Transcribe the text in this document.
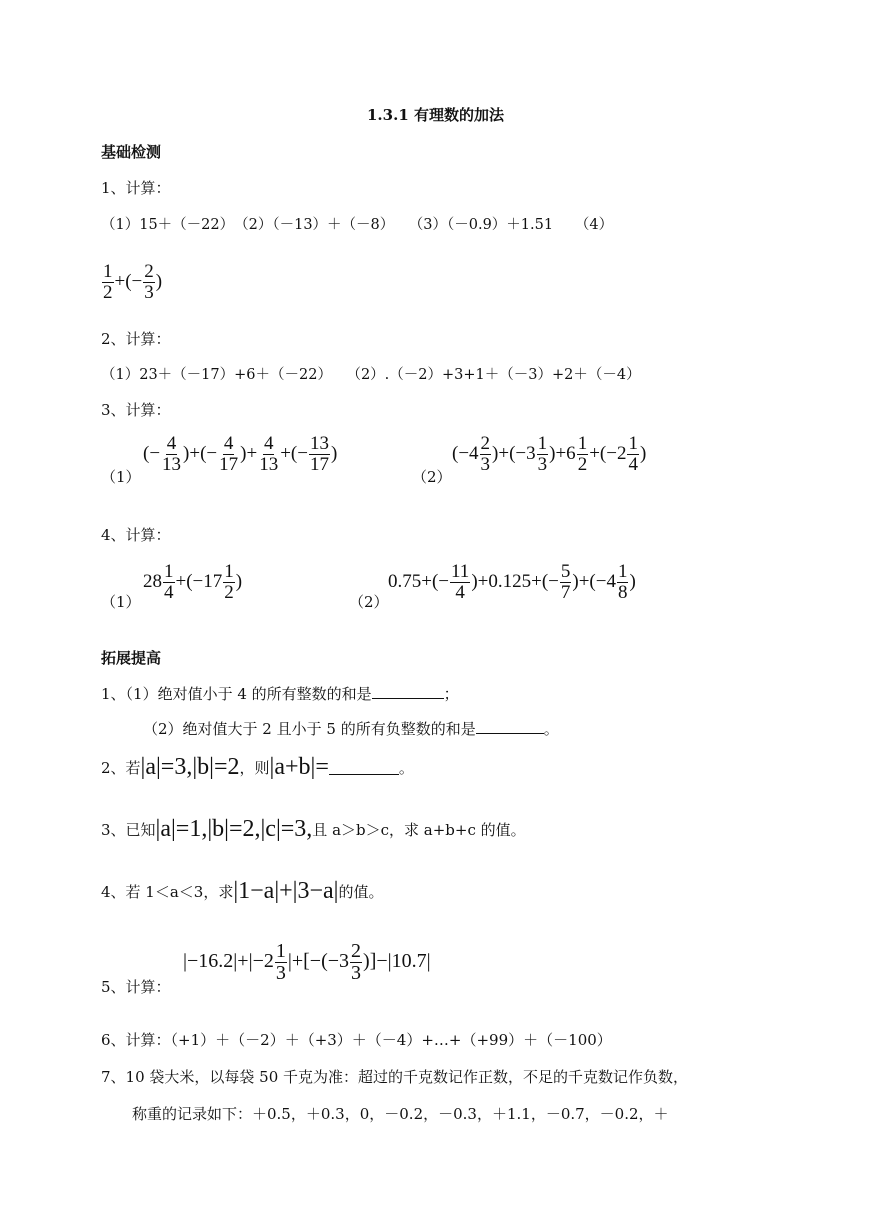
1.3.1 有理数的加法
基础检测
1、计算：
（1）15＋（－22）　（2）（－13）＋（－8）　　（3）（－0.9）＋1.51　　（4）
$\frac{1}{2}$ +(− $\frac{2}{3}$ )
2、计算：
（1）23＋（－17）+6＋（－22）　　（2）.（－2）+3+1＋（－3）+2＋（－4）
3、计算：
（1）
(− $\frac{4}{13}$ )+(− $\frac{4}{17}$ )+ $\frac{4}{13}$ +(− $\frac{13}{17}$ )
（2）
$(-4 \frac{2}{3} )+(-3 \frac{1}{3} )+6 \frac{1}{2} +(-2 \frac{1}{4}$ )
4、计算：
（1）
$28 \frac{1}{4} +(-17 \frac{1}{2}$ )
（2）
$0.75+(- \frac{11}{4} )+0.125+(- \frac{5}{7} )+(-4 \frac{1}{8}$ )
拓展提高
1、（1）绝对值小于 4 的所有整数的和是	；
（2）绝对值大于 2 且小于 5 的所有负整数的和是	。
2、若|a|=3,|b|=2，则|a+b|=	。
3、已知|a|=1,|b|=2,|c|=3,且 a＞b＞c，求 a+b+c 的值。
4、若 1＜a＜3，求|1−a|+|3−a|的值。
5、计算：
$|-16.2|+|-2 \frac{1}{3} |+[-(-3 \frac{2}{3} )]-|10.7|$
6、计算：（+1）＋（－2）＋（+3）＋（－4）+…+（+99）＋（－100）
7、10 袋大米，以每袋 50 千克为准：超过的千克数记作正数，不足的千克数记作负数，
称重的记录如下：＋0.5，＋0.3，0，－0.2，－0.3，＋1.1，－0.7，－0.2，＋
